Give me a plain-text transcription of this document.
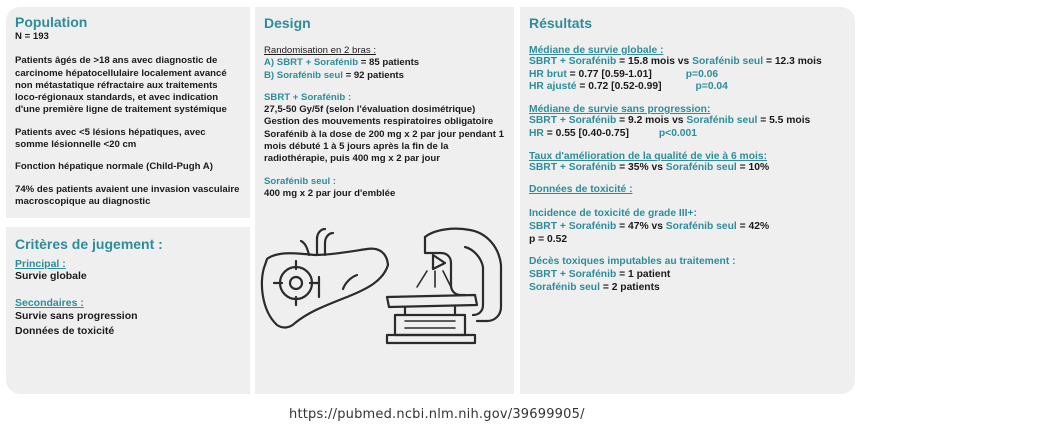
Population
N = 193
Patients âgés de >18 ans avec diagnostic de carcinome hépatocellulaire localement avancé non métastatique réfractaire aux traitements loco-régionaux standards, et avec indication d'une première ligne de traitement systémique
Patients avec <5 lésions hépatiques, avec somme lésionnelle <20 cm
Fonction hépatique normale (Child-Pugh A)
74% des patients avaient une invasion vasculaire macroscopique au diagnostic
Critères de jugement :
Principal :
Survie globale
Secondaires :
Survie sans progression
Données de toxicité
Design
Randomisation en 2 bras :
A) SBRT + Sorafénib = 85 patients
B) Sorafénib seul = 92 patients
SBRT + Sorafénib :
27,5-50 Gy/5f (selon l'évaluation dosimétrique)
Gestion des mouvements respiratoires obligatoire
Sorafénib à la dose de 200 mg x 2 par jour pendant 1 mois débuté 1 à 5 jours après la fin de la radiothérapie, puis 400 mg x 2 par jour
Sorafénib seul :
400 mg x 2 par jour d'emblée
Résultats
Médiane de survie globale :
SBRT + Sorafénib = 15.8 mois vs Sorafénib seul = 12.3 mois
HR brut = 0.77 [0.59-1.01]	p=0.06
HR ajusté = 0.72 [0.52-0.99]	p=0.04
Médiane de survie sans progression:
SBRT + Sorafénib = 9.2 mois vs Sorafénib seul = 5.5 mois
HR = 0.55 [0.40-0.75]	p<0.001
Taux d'amélioration de la qualité de vie à 6 mois:
SBRT + Sorafénib = 35% vs Sorafénib seul = 10%
Données de toxicité :
Incidence de toxicité de grade III+:
SBRT + Sorafénib = 47% vs Sorafénib seul = 42%
p = 0.52
Décès toxiques imputables au traitement :
SBRT + Sorafénib = 1 patient
Sorafénib seul = 2 patients
https://pubmed.ncbi.nlm.nih.gov/39699905/
